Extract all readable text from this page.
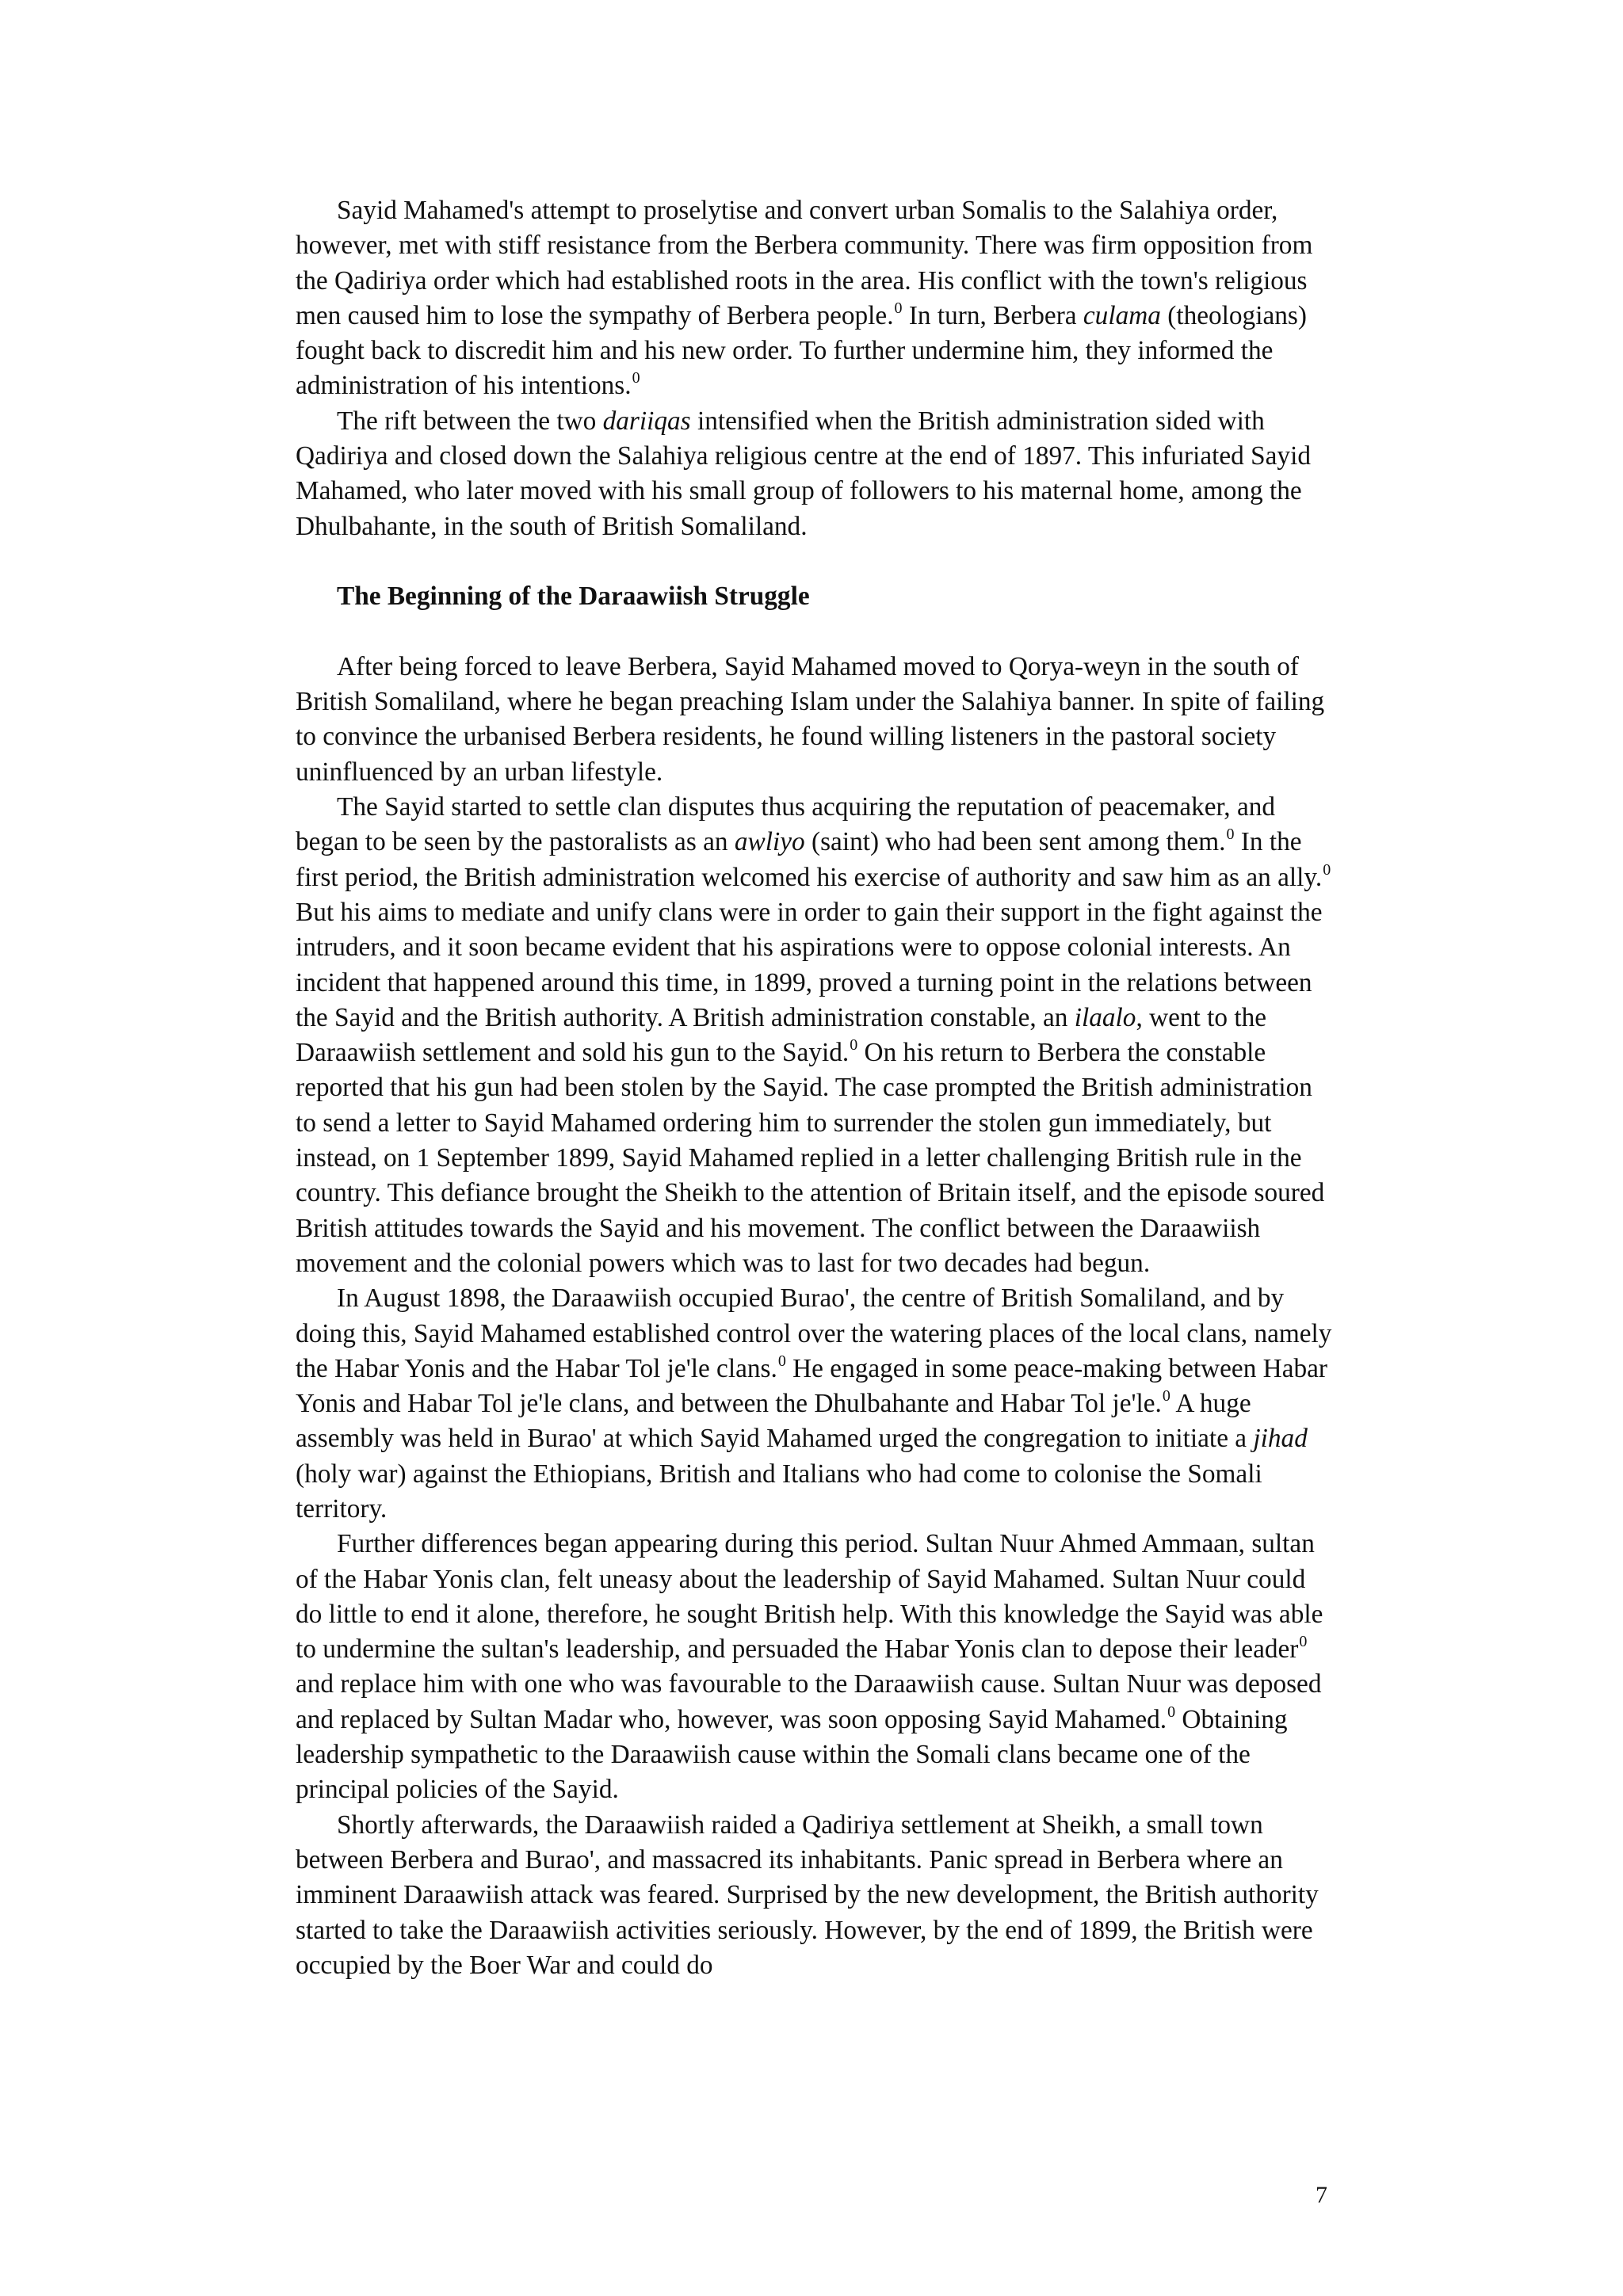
Sayid Mahamed's attempt to proselytise and convert urban Somalis to the Salahiya order, however, met with stiff resistance from the Berbera community. There was firm opposition from the Qadiriya order which had established roots in the area. His conflict with the town's religious men caused him to lose the sympathy of Berbera people.$^0$ In turn, Berbera culama (theologians) fought back to discredit him and his new order. To further undermine him, they informed the administration of his intentions.$^0$

The rift between the two dariiqas intensified when the British administration sided with Qadiriya and closed down the Salahiya religious centre at the end of 1897. This infuriated Sayid Mahamed, who later moved with his small group of followers to his maternal home, among the Dhulbahante, in the south of British Somaliland.

The Beginning of the Daraawiish Struggle

After being forced to leave Berbera, Sayid Mahamed moved to Qorya-weyn in the south of British Somaliland, where he began preaching Islam under the Salahiya banner. In spite of failing to convince the urbanised Berbera residents, he found willing listeners in the pastoral society uninfluenced by an urban lifestyle.

The Sayid started to settle clan disputes thus acquiring the reputation of peacemaker, and began to be seen by the pastoralists as an awliyo (saint) who had been sent among them.$^0$ In the first period, the British administration welcomed his exercise of authority and saw him as an ally.$^0$ But his aims to mediate and unify clans were in order to gain their support in the fight against the intruders, and it soon became evident that his aspirations were to oppose colonial interests. An incident that happened around this time, in 1899, proved a turning point in the relations between the Sayid and the British authority. A British administration constable, an ilaalo, went to the Daraawiish settlement and sold his gun to the Sayid.$^0$ On his return to Berbera the constable reported that his gun had been stolen by the Sayid. The case prompted the British administration to send a letter to Sayid Mahamed ordering him to surrender the stolen gun immediately, but instead, on 1 September 1899, Sayid Mahamed replied in a letter challenging British rule in the country. This defiance brought the Sheikh to the attention of Britain itself, and the episode soured British attitudes towards the Sayid and his movement. The conflict between the Daraawiish movement and the colonial powers which was to last for two decades had begun.

In August 1898, the Daraawiish occupied Burao', the centre of British Somaliland, and by doing this, Sayid Mahamed established control over the watering places of the local clans, namely the Habar Yonis and the Habar Tol je'le clans.$^0$ He engaged in some peace-making between Habar Yonis and Habar Tol je'le clans, and between the Dhulbahante and Habar Tol je'le.$^0$ A huge assembly was held in Burao' at which Sayid Mahamed urged the congregation to initiate a jihad (holy war) against the Ethiopians, British and Italians who had come to colonise the Somali territory.

Further differences began appearing during this period. Sultan Nuur Ahmed Ammaan, sultan of the Habar Yonis clan, felt uneasy about the leadership of Sayid Mahamed. Sultan Nuur could do little to end it alone, therefore, he sought British help. With this knowledge the Sayid was able to undermine the sultan's leadership, and persuaded the Habar Yonis clan to depose their leader$^0$ and replace him with one who was favourable to the Daraawiish cause. Sultan Nuur was deposed and replaced by Sultan Madar who, however, was soon opposing Sayid Mahamed.$^0$ Obtaining leadership sympathetic to the Daraawiish cause within the Somali clans became one of the principal policies of the Sayid.

Shortly afterwards, the Daraawiish raided a Qadiriya settlement at Sheikh, a small town between Berbera and Burao', and massacred its inhabitants. Panic spread in Berbera where an imminent Daraawiish attack was feared. Surprised by the new development, the British authority started to take the Daraawiish activities seriously. However, by the end of 1899, the British were occupied by the Boer War and could do

7
